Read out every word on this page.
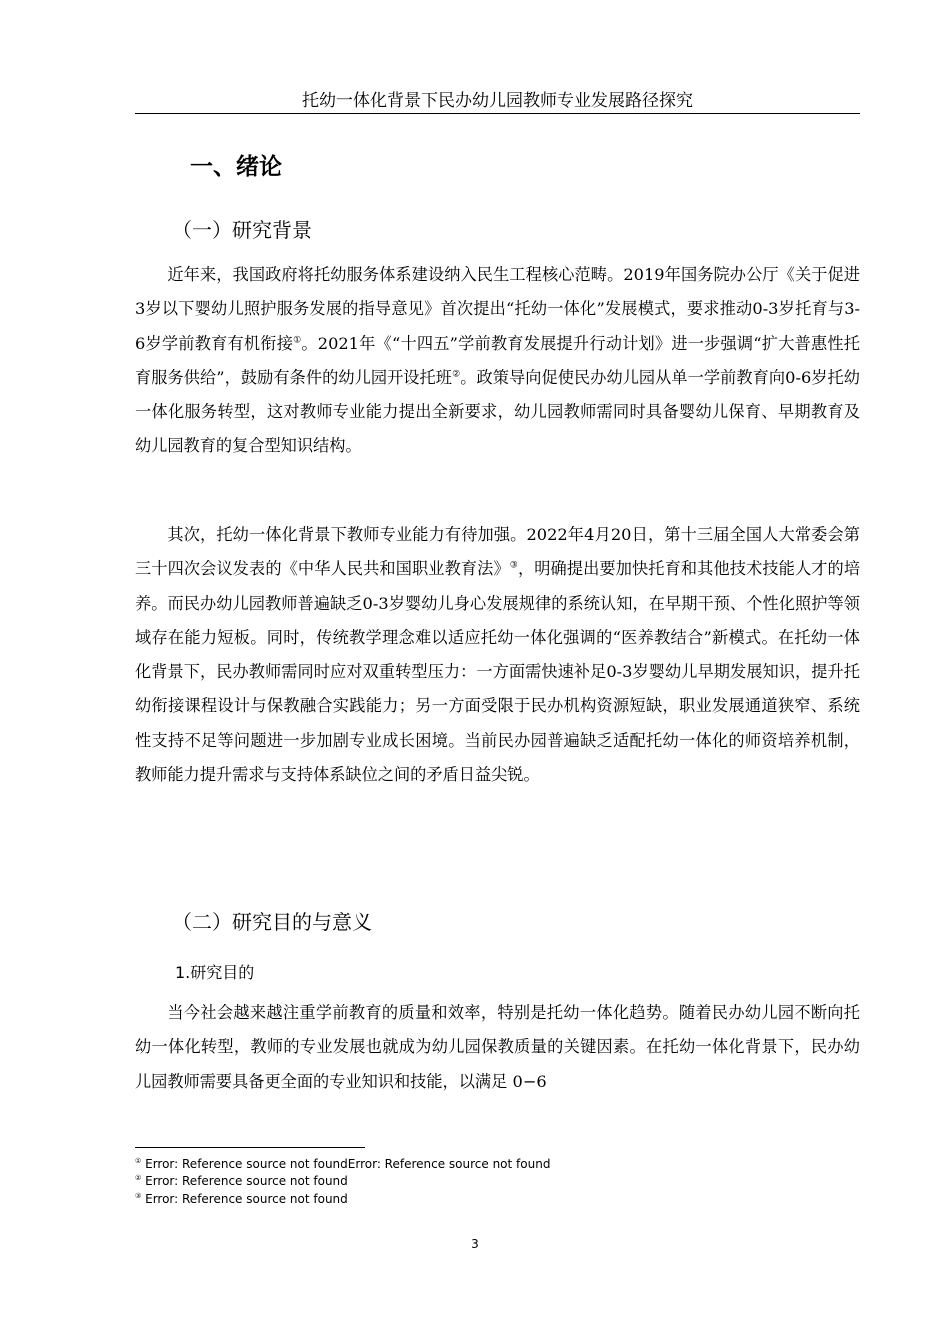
托幼一体化背景下民办幼儿园教师专业发展路径探究
一、绪论
（一）研究背景
近年来，我国政府将托幼服务体系建设纳入民生工程核心范畴。2019年国务院办公厅《关于促进3岁以下婴幼儿照护服务发展的指导意见》首次提出“托幼一体化”发展模式，要求推动0-3岁托育与3-6岁学前教育有机衔接①。2021年《“十四五”学前教育发展提升行动计划》进一步强调“扩大普惠性托育服务供给”，鼓励有条件的幼儿园开设托班②。政策导向促使民办幼儿园从单一学前教育向0-6岁托幼一体化服务转型，这对教师专业能力提出全新要求，幼儿园教师需同时具备婴幼儿保育、早期教育及幼儿园教育的复合型知识结构。
其次，托幼一体化背景下教师专业能力有待加强。2022年4月20日，第十三届全国人大常委会第三十四次会议发表的《中华人民共和国职业教育法》③，明确提出要加快托育和其他技术技能人才的培养。而民办幼儿园教师普遍缺乏0-3岁婴幼儿身心发展规律的系统认知，在早期干预、个性化照护等领域存在能力短板。同时，传统教学理念难以适应托幼一体化强调的“医养教结合”新模式。在托幼一体化背景下，民办教师需同时应对双重转型压力：一方面需快速补足0-3岁婴幼儿早期发展知识，提升托幼衔接课程设计与保教融合实践能力；另一方面受限于民办机构资源短缺，职业发展通道狭窄、系统性支持不足等问题进一步加剧专业成长困境。当前民办园普遍缺乏适配托幼一体化的师资培养机制，教师能力提升需求与支持体系缺位之间的矛盾日益尖锐。
（二）研究目的与意义
1.研究目的
当今社会越来越注重学前教育的质量和效率，特别是托幼一体化趋势。随着民办幼儿园不断向托幼一体化转型，教师的专业发展也就成为幼儿园保教质量的关键因素。在托幼一体化背景下，民办幼儿园教师需要具备更全面的专业知识和技能，以满足 0−6
① Error: Reference source not foundError: Reference source not found
② Error: Reference source not found
③ Error: Reference source not found
3
